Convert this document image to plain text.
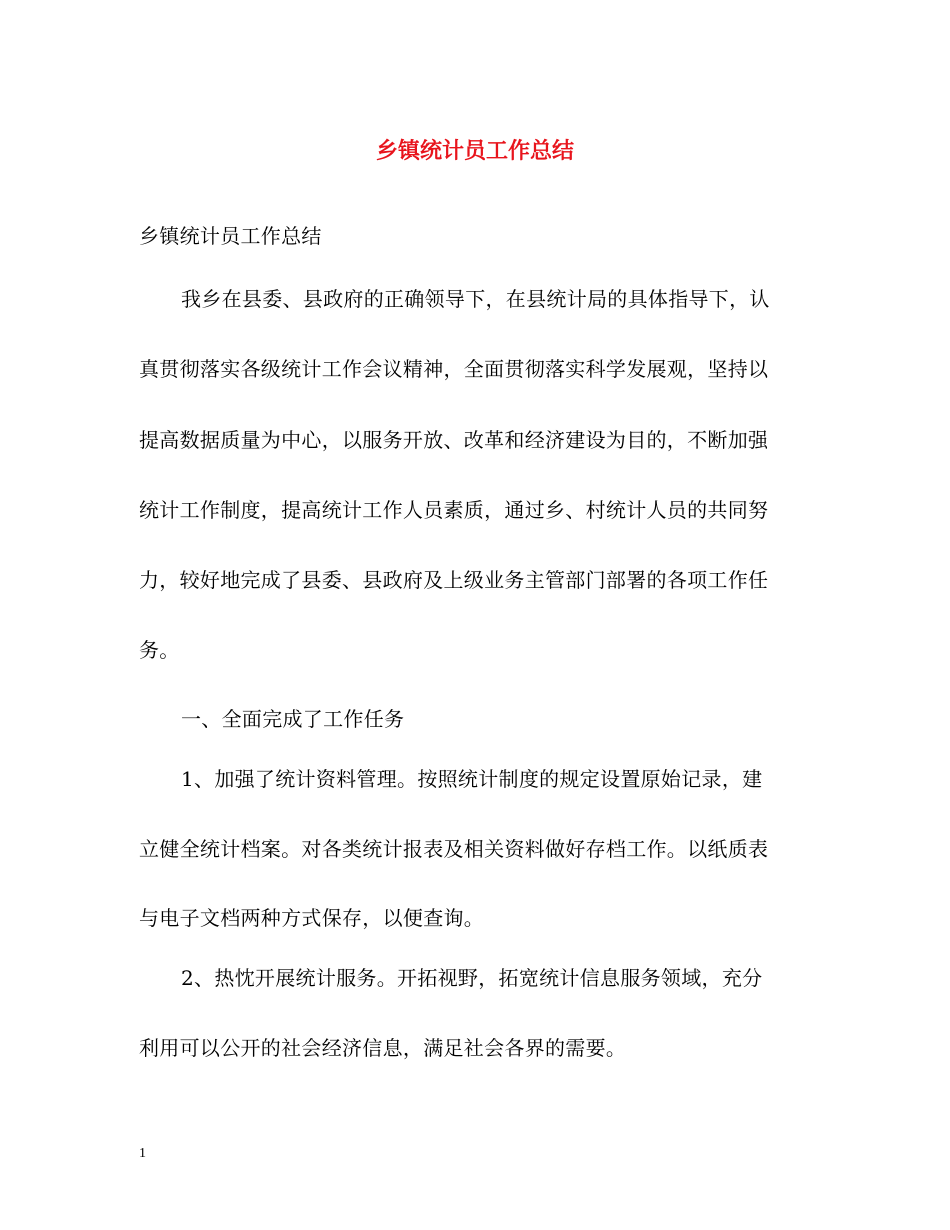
乡镇统计员工作总结
乡镇统计员工作总结
我乡在县委、县政府的正确领导下，在县统计局的具体指导下，认
真贯彻落实各级统计工作会议精神，全面贯彻落实科学发展观，坚持以
提高数据质量为中心，以服务开放、改革和经济建设为目的，不断加强
统计工作制度，提高统计工作人员素质，通过乡、村统计人员的共同努
力，较好地完成了县委、县政府及上级业务主管部门部署的各项工作任
务。
一、全面完成了工作任务
1、加强了统计资料管理。按照统计制度的规定设置原始记录，建
立健全统计档案。对各类统计报表及相关资料做好存档工作。以纸质表
与电子文档两种方式保存，以便查询。
2、热忱开展统计服务。开拓视野，拓宽统计信息服务领域，充分
利用可以公开的社会经济信息，满足社会各界的需要。
1
